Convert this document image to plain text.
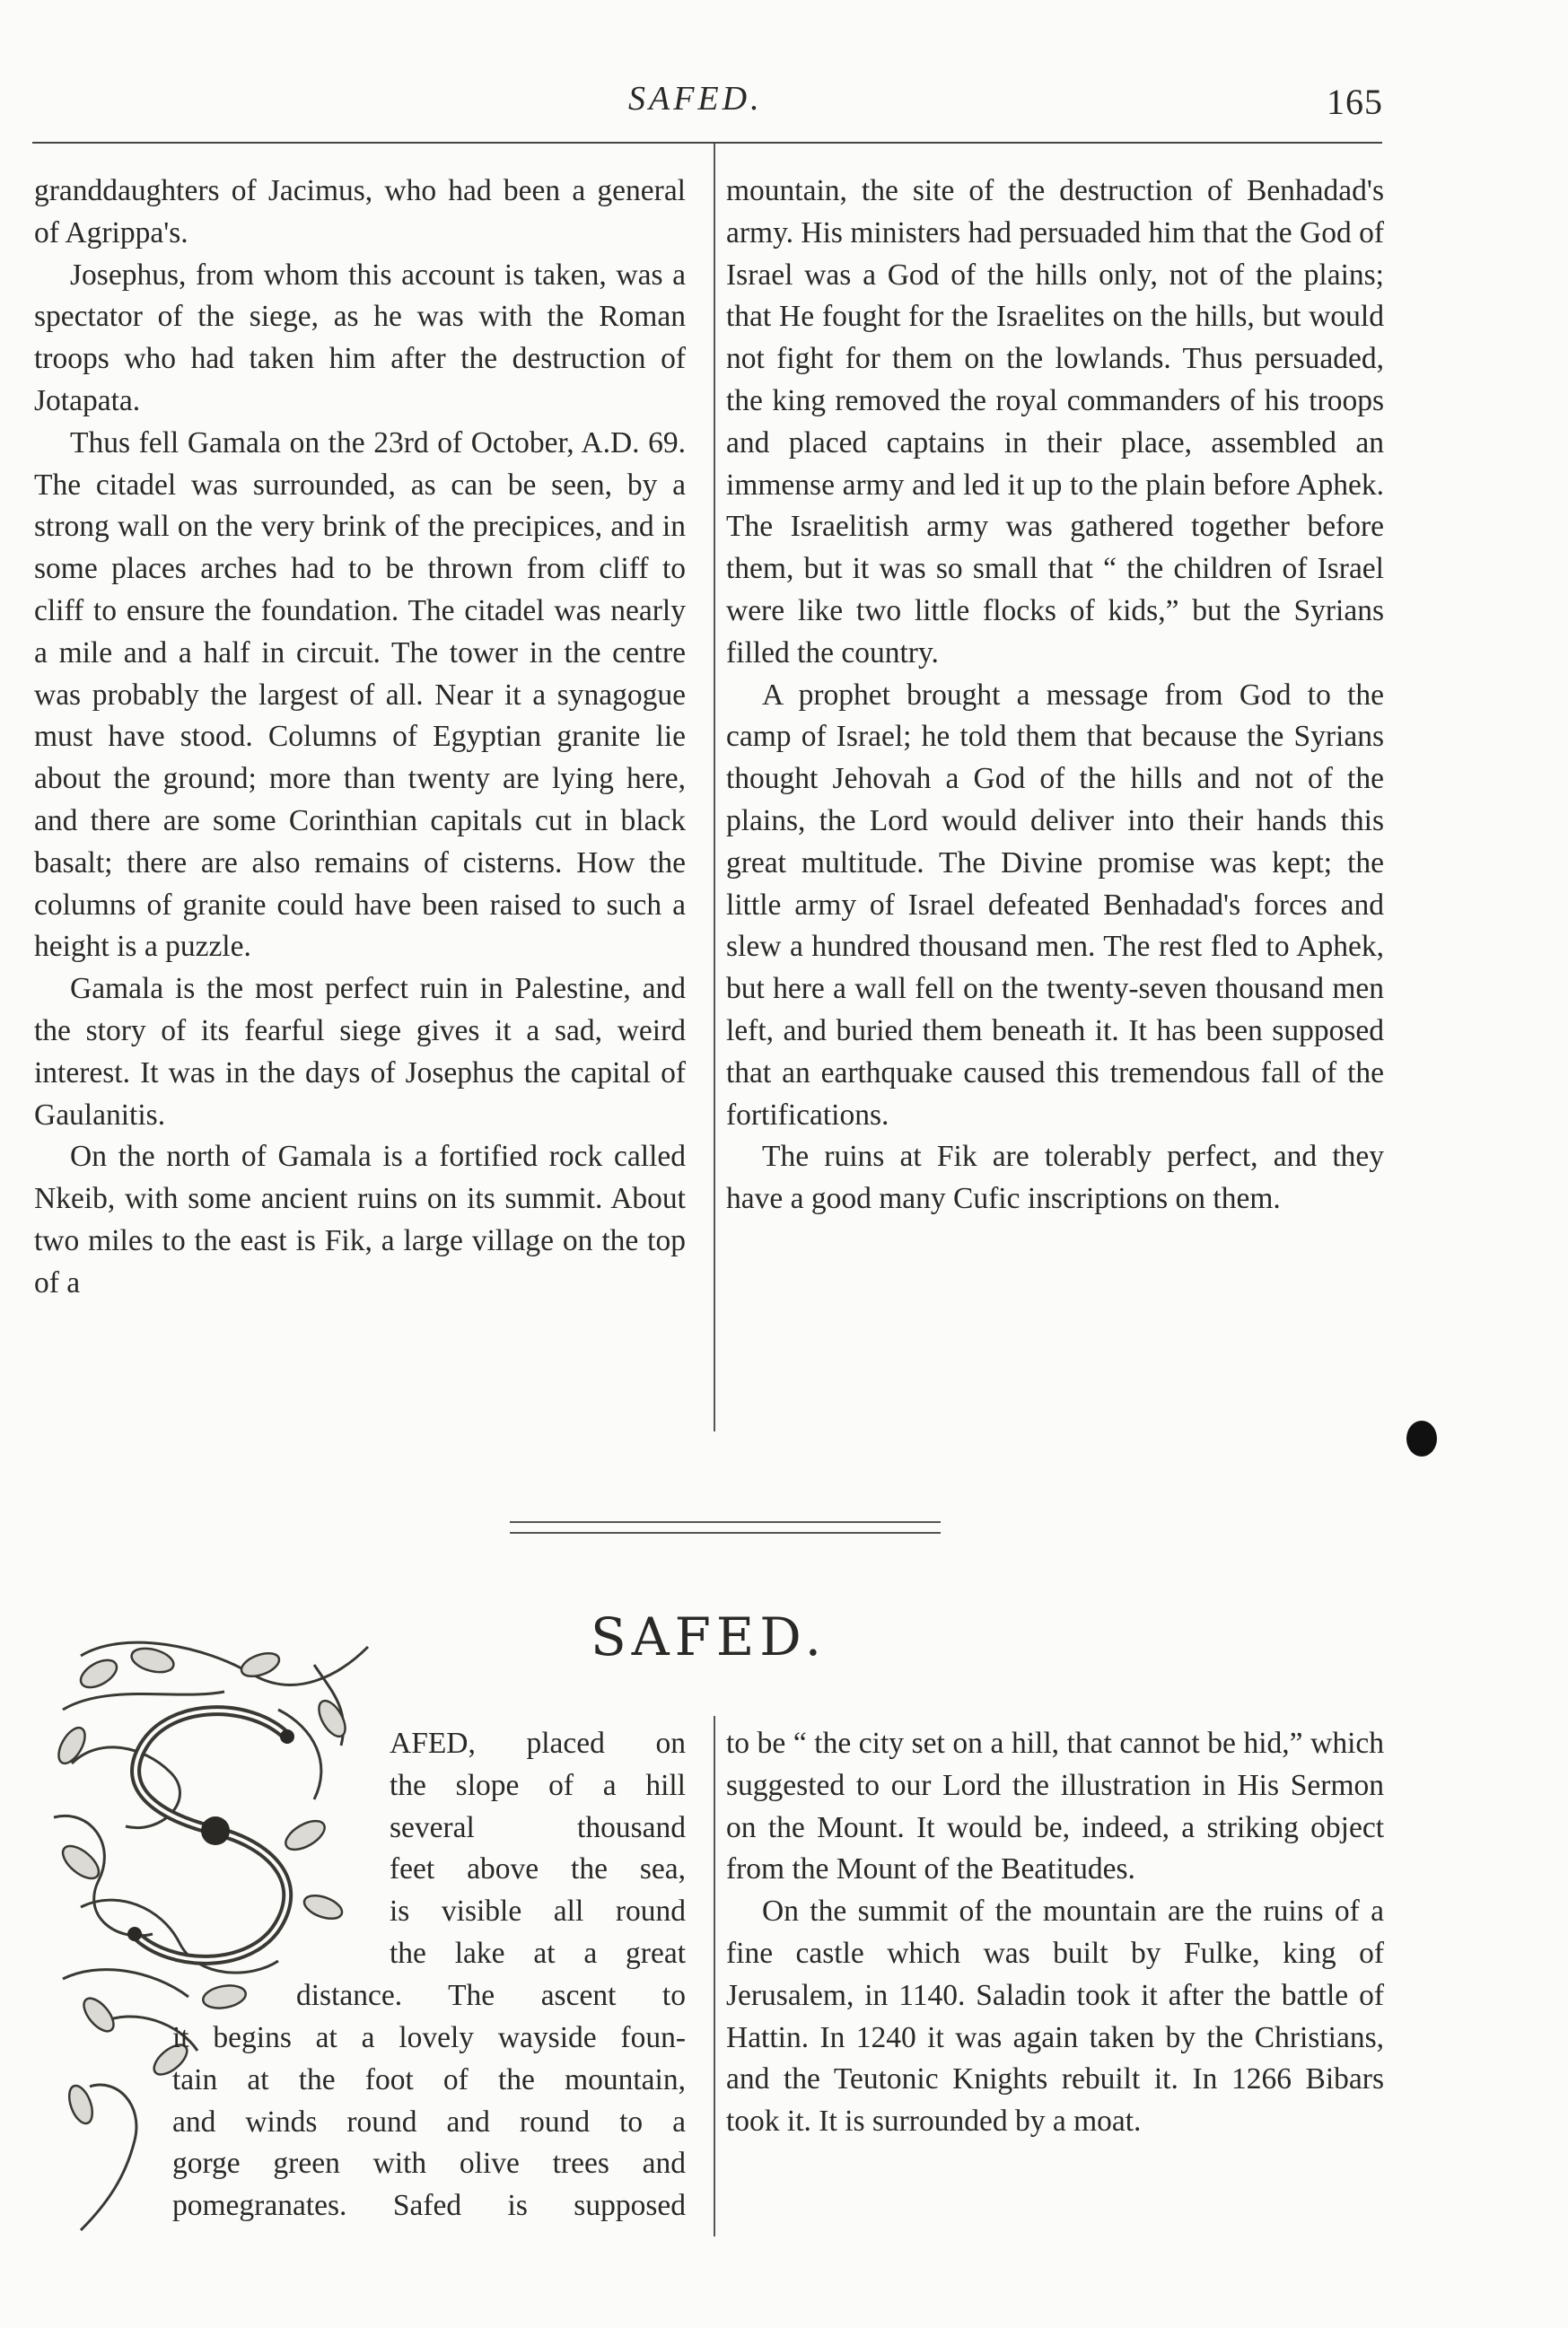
SAFED.	165

granddaughters of Jacimus, who had been a general of Agrippa's.

Josephus, from whom this account is taken, was a spectator of the siege, as he was with the Roman troops who had taken him after the destruction of Jotapata.

Thus fell Gamala on the 23rd of October, A.D. 69. The citadel was surrounded, as can be seen, by a strong wall on the very brink of the precipices, and in some places arches had to be thrown from cliff to cliff to ensure the foundation. The citadel was nearly a mile and a half in circuit. The tower in the centre was probably the largest of all. Near it a synagogue must have stood. Columns of Egyptian granite lie about the ground; more than twenty are lying here, and there are some Corinthian capitals cut in black basalt; there are also remains of cisterns. How the columns of granite could have been raised to such a height is a puzzle.

Gamala is the most perfect ruin in Palestine, and the story of its fearful siege gives it a sad, weird interest. It was in the days of Josephus the capital of Gaulanitis.

On the north of Gamala is a fortified rock called Nkeib, with some ancient ruins on its summit. About two miles to the east is Fik, a large village on the top of a

mountain, the site of the destruction of Benhadad's army. His ministers had persuaded him that the God of Israel was a God of the hills only, not of the plains; that He fought for the Israelites on the hills, but would not fight for them on the lowlands. Thus persuaded, the king removed the royal commanders of his troops and placed captains in their place, assembled an immense army and led it up to the plain before Aphek. The Israelitish army was gathered together before them, but it was so small that “ the children of Israel were like two little flocks of kids,” but the Syrians filled the country.

A prophet brought a message from God to the camp of Israel; he told them that because the Syrians thought Jehovah a God of the hills and not of the plains, the Lord would deliver into their hands this great multitude. The Divine promise was kept; the little army of Israel defeated Benhadad's forces and slew a hundred thousand men. The rest fled to Aphek, but here a wall fell on the twenty-seven thousand men left, and buried them beneath it. It has been supposed that an earthquake caused this tremendous fall of the fortifications.

The ruins at Fik are tolerably perfect, and they have a good many Cufic inscriptions on them.

SAFED.
AFED, placed on
the slope of a hill
several thousand
feet above the sea,
is visible all round
the lake at a great
distance. The ascent to
it begins at a lovely wayside foun-
tain at the foot of the mountain,
and winds round and round to a
gorge green with olive trees and
pomegranates. Safed is supposed

to be “ the city set on a hill, that cannot be hid,” which suggested to our Lord the illustration in His Sermon on the Mount. It would be, indeed, a striking object from the Mount of the Beatitudes.

On the summit of the mountain are the ruins of a fine castle which was built by Fulke, king of Jerusalem, in 1140. Saladin took it after the battle of Hattin. In 1240 it was again taken by the Christians, and the Teutonic Knights rebuilt it. In 1266 Bibars took it. It is surrounded by a moat.
